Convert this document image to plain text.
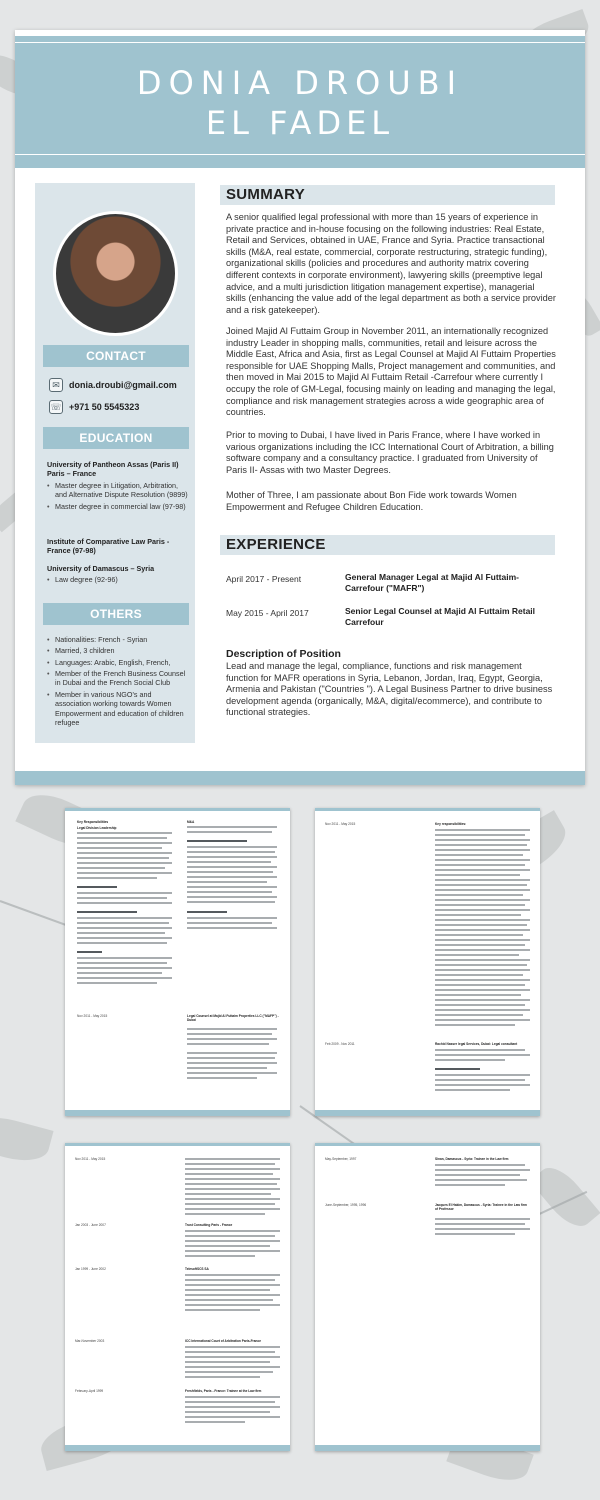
DONIA DROUBI
EL FADEL
CONTACT
✉	donia.droubi@gmail.com
☏ +971 50 5545323
EDUCATION
University of Pantheon Assas (Paris II) Paris – France
• Master degree in Litigation, Arbitration, and Alternative Dispute Resolution (9899)
• Master degree in commercial law (97-98)
Institute of Comparative Law Paris - France (97-98)
University of Damascus – Syria
• Law degree (92-96)
OTHERS
• Nationalities: French - Syrian
• Married, 3 children
• Languages: Arabic, English, French,
• Member of the French Business Counsel in Dubai and the French Social Club
• Member in various NGO's and association working towards Women Empowerment and education of children refugee
SUMMARY
A senior qualified legal professional with more than 15 years of experience in private practice and in-house focusing on the following industries: Real Estate, Retail and Services, obtained in UAE, France and Syria. Practice transactional skills (M&A, real estate, commercial, corporate restructuring, strategic funding), organizational skills (policies and procedures and authority matrix covering different contexts in corporate environment), lawyering skills (preemptive legal advice, and a multi jurisdiction litigation management expertise), managerial skills (enhancing the value add of the legal department as both a service provider and a risk gatekeeper).
Joined Majid Al Futtaim Group in November 2011, an internationally recognized industry Leader in shopping malls, communities, retail and leisure across the Middle East, Africa and Asia, first as Legal Counsel at Majid Al Futtaim Properties responsible for UAE Shopping Malls, Project management and communities, and then moved in Mai 2015 to Majid Al Futtaim Retail -Carrefour where currently I occupy the role of GM-Legal, focusing mainly on leading and managing the legal, compliance and risk management strategies across a wide geographic area of countries.
Prior to moving to Dubai, I have lived in Paris France, where I have worked in various organizations including the ICC International Court of Arbitration, a billing software company and a consultancy practice. I graduated from University of Paris II- Assas with two Master Degrees.
Mother of Three, I am passionate about Bon Fide work towards Women Empowerment and Refugee Children Education.
EXPERIENCE
April 2017 - Present	General Manager Legal at Majid Al Futtaim-Carrefour ("MAFR")
May 2015 - April 2017	Senior Legal Counsel at Majid Al Futtaim Retail Carrefour
Description of Position
Lead and manage the legal, compliance, functions and risk management function for MAFR operations in Syria, Lebanon, Jordan, Iraq, Egypt, Georgia, Armenia and Pakistan ("Countries "). A Legal Business Partner to drive business development agenda (organically, M&A, digital/ecommerce), and contribute to functional strategies.
Key Responsibilities
Legal Division Leadership
M&A
Nov 2011 - May 2015	Legal Counsel at Majid Al Futtaim Properties LLC ("MAFP") - Dubai
Nov 2011 - May 2015	Key responsibilities:
Feb 2009 - Nov 2011	Rachid Nasser legal Services, Dubai: Legal consultant
Nov 2011 - May 2015
Jan 2003 - June 2007	Trust Consulting Paris - France
Jan 1999 - June 2002	TelesoftSCS SA
Mar-November 2003	ICC International Court of Arbitration Paris-France
February-April 1999	Freshfields, Paris - France: Trainee at the Law firm
May-September, 1997	Sinan, Damascus - Syria: Trainee in the Law firm
June-September, 1995, 1996	Jacques El Hakim, Damascus - Syria: Trainee in the Law firm of Professor
